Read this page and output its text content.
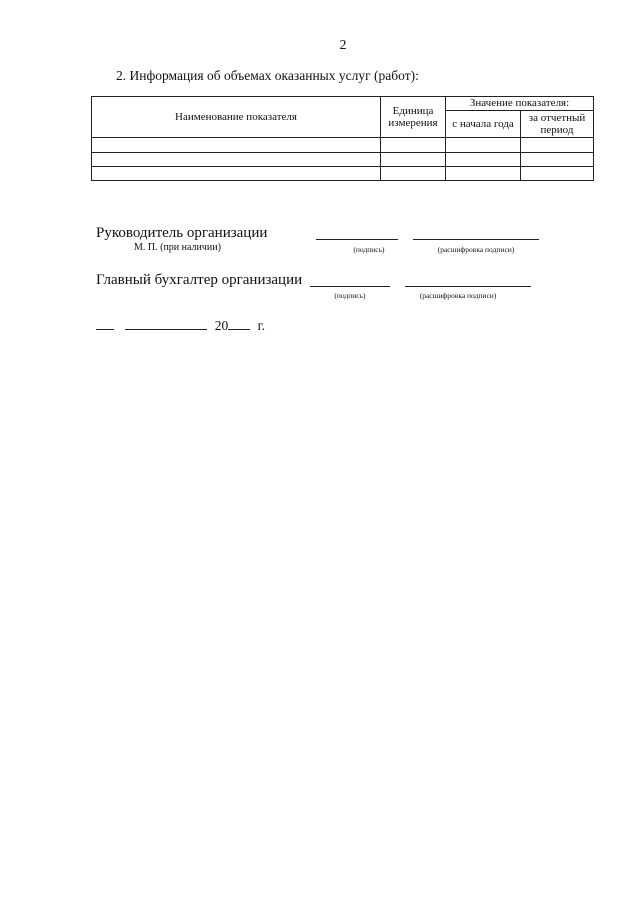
2
2. Информация об объемах оказанных услуг (работ):
Наименование показателя	Единица измерения	Значение показателя:	
		с начала года	за отчетный период

Руководитель организации
М. П. (при наличии)	(подпись)	(расшифровка подписи)
Главный бухгалтер организации
(подпись)	(расшифровка подписи)
20 г.
